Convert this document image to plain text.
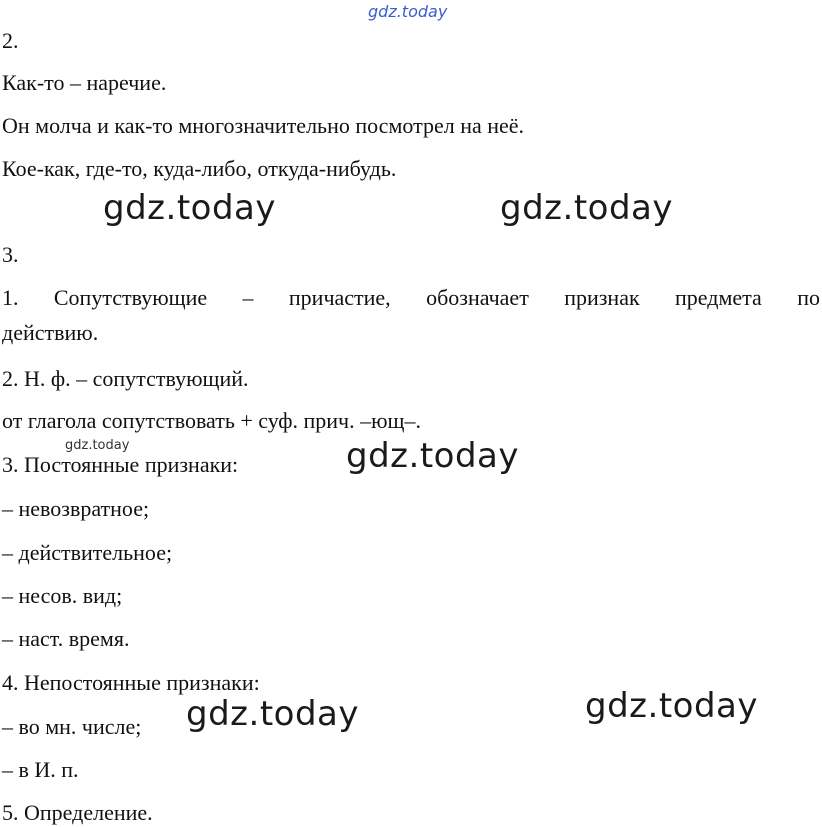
gdz.today
2.
Как-то – наречие.
Он молча и как-то многозначительно посмотрел на неё.
Кое-как, где-то, куда-либо, откуда-нибудь.
gdz.today	gdz.today
3.
1. Сопутствующие – причастие, обозначает признак предмета по
действию.
2. Н. ф. – сопутствующий.
от глагола сопутствовать + суф. прич. –ющ–.
gdz.today	gdz.today
3. Постоянные признаки:
– невозвратное;
– действительное;
– несов. вид;
– наст. время.
4. Непостоянные признаки:
gdz.today	gdz.today
– во мн. числе;
– в И. п.
5. Определение.
